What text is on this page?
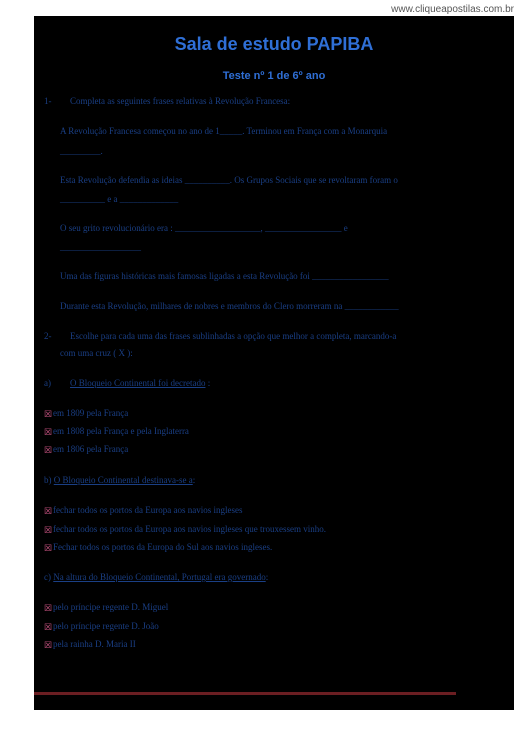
www.cliqueapostilas.com.br
Sala de estudo PAPIBA
Teste nº 1 de 6º ano
1- Completa as seguintes frases relativas à Revolução Francesa:
A Revolução Francesa começou no ano de 1_____. Terminou em França com a Monarquia
_________.
Esta Revolução defendia as ideias __________. Os Grupos Sociais que se revoltaram foram o
__________ e a _____________
O seu grito revolucionário era : ___________________, _________________ e
__________________
Uma das figuras históricas mais famosas ligadas a esta Revolução foi _________________
Durante esta Revolução, milhares de nobres e membros do Clero morreram na ____________
2- Escolhe para cada uma das frases sublinhadas a opção que melhor a completa, marcando-a
com uma cruz ( X ):
a) O Bloqueio Continental foi decretado :
☒em 1809 pela França
☒em 1808 pela França e pela Inglaterra
☒em 1806 pela França
b) O Bloqueio Continental destinava-se a:
☒fechar todos os portos da Europa aos navios ingleses
☒fechar todos os portos da Europa aos navios ingleses que trouxessem vinho.
☒Fechar todos os portos da Europa do Sul aos navios ingleses.
c) Na altura do Bloqueio Continental, Portugal era governado:
☒pelo príncipe regente D. Miguel
☒pelo príncipe regente D. João
☒pela rainha D. Maria II
